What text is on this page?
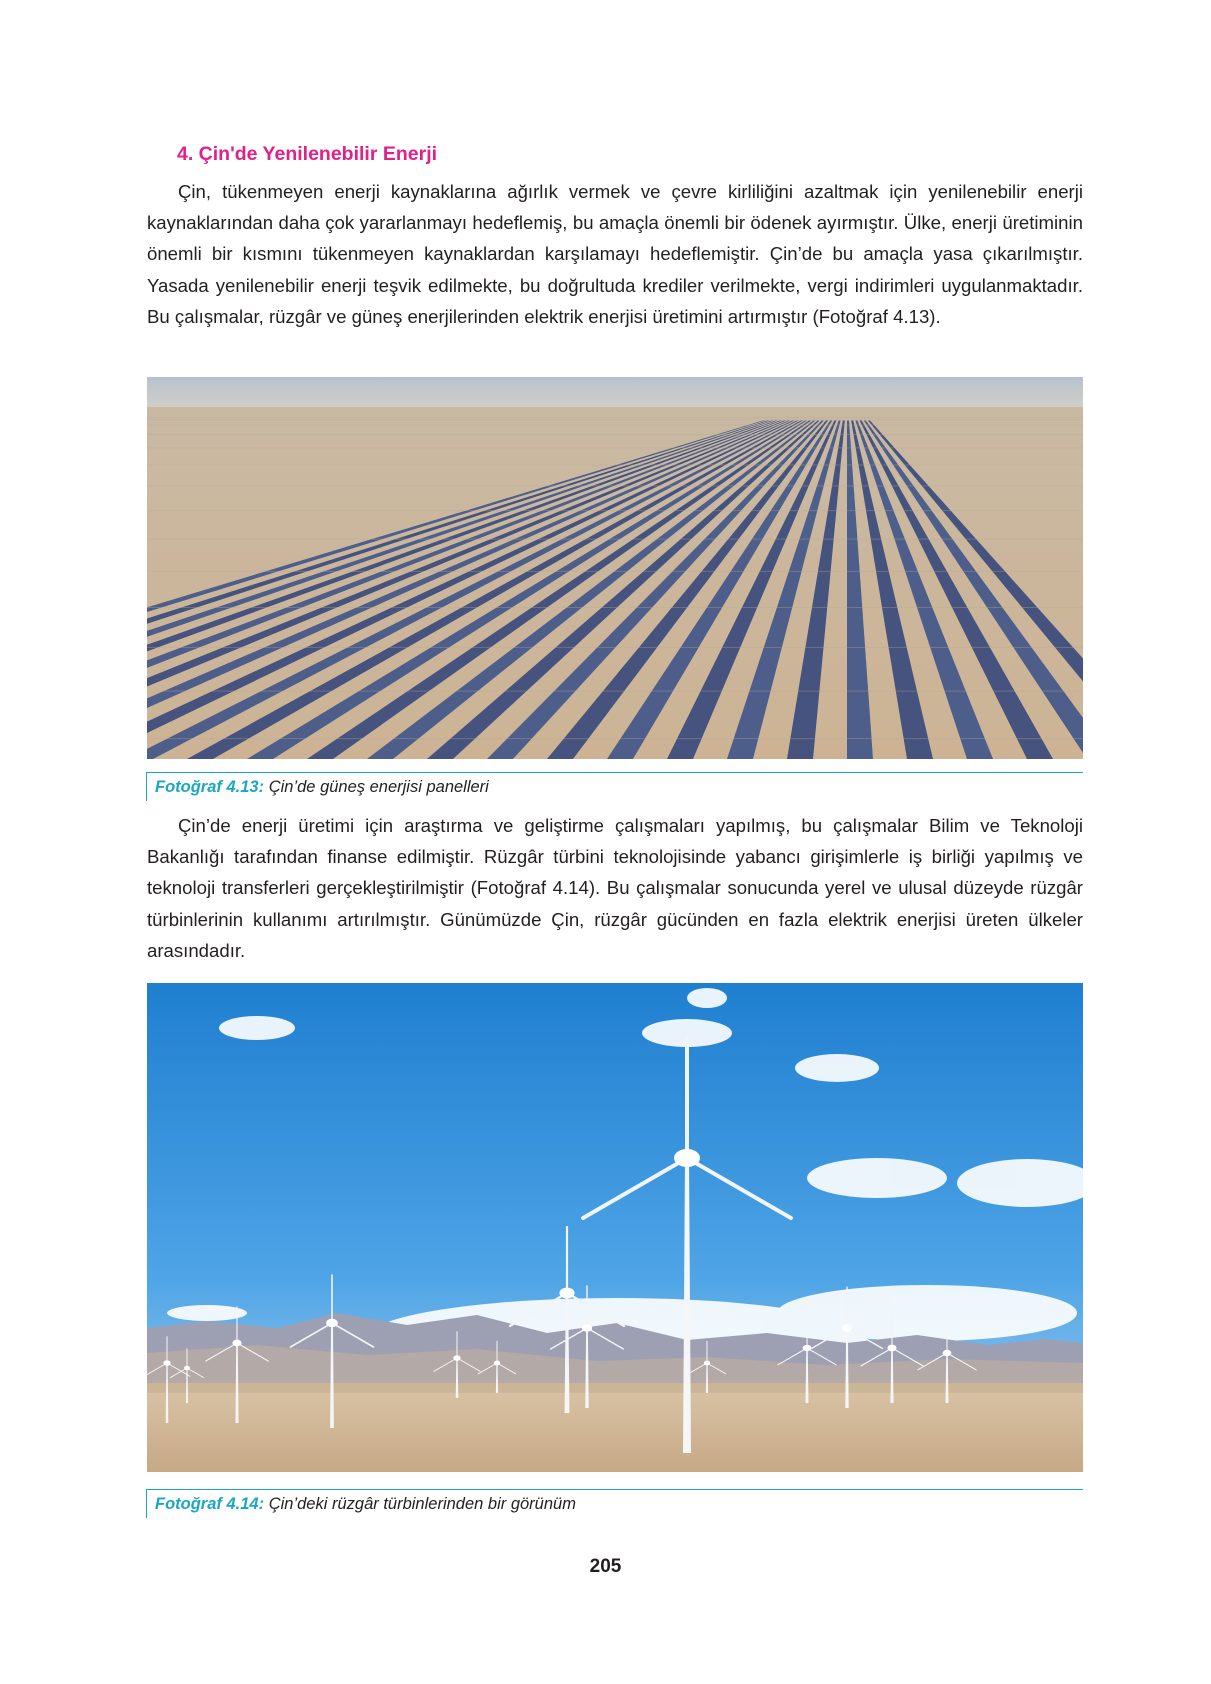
4. Çin'de Yenilenebilir Enerji

Çin, tükenmeyen enerji kaynaklarına ağırlık vermek ve çevre kirliliğini azaltmak için yenilenebilir enerji kaynaklarından daha çok yararlanmayı hedeflemiş, bu amaçla önemli bir ödenek ayırmıştır. Ülke, enerji üretiminin önemli bir kısmını tükenmeyen kaynaklardan karşılamayı hedeflemiştir. Çin’de bu amaçla yasa çıkarılmıştır. Yasada yenilenebilir enerji teşvik edilmekte, bu doğrultuda krediler verilmekte, vergi indirimleri uygulanmaktadır. Bu çalışmalar, rüzgâr ve güneş enerjilerinden elektrik enerjisi üretimini artırmıştır (Fotoğraf 4.13).

Fotoğraf 4.13: Çin’de güneş enerjisi panelleri

Çin’de enerji üretimi için araştırma ve geliştirme çalışmaları yapılmış, bu çalışmalar Bilim ve Teknoloji Bakanlığı tarafından finanse edilmiştir. Rüzgâr türbini teknolojisinde yabancı girişimlerle iş birliği yapılmış ve teknoloji transferleri gerçekleştirilmiştir (Fotoğraf 4.14). Bu çalışmalar sonucunda yerel ve ulusal düzeyde rüzgâr türbinlerinin kullanımı artırılmıştır. Günümüzde Çin, rüzgâr gücünden en fazla elektrik enerjisi üreten ülkeler arasındadır.

Fotoğraf 4.14: Çin’deki rüzgâr türbinlerinden bir görünüm
205
